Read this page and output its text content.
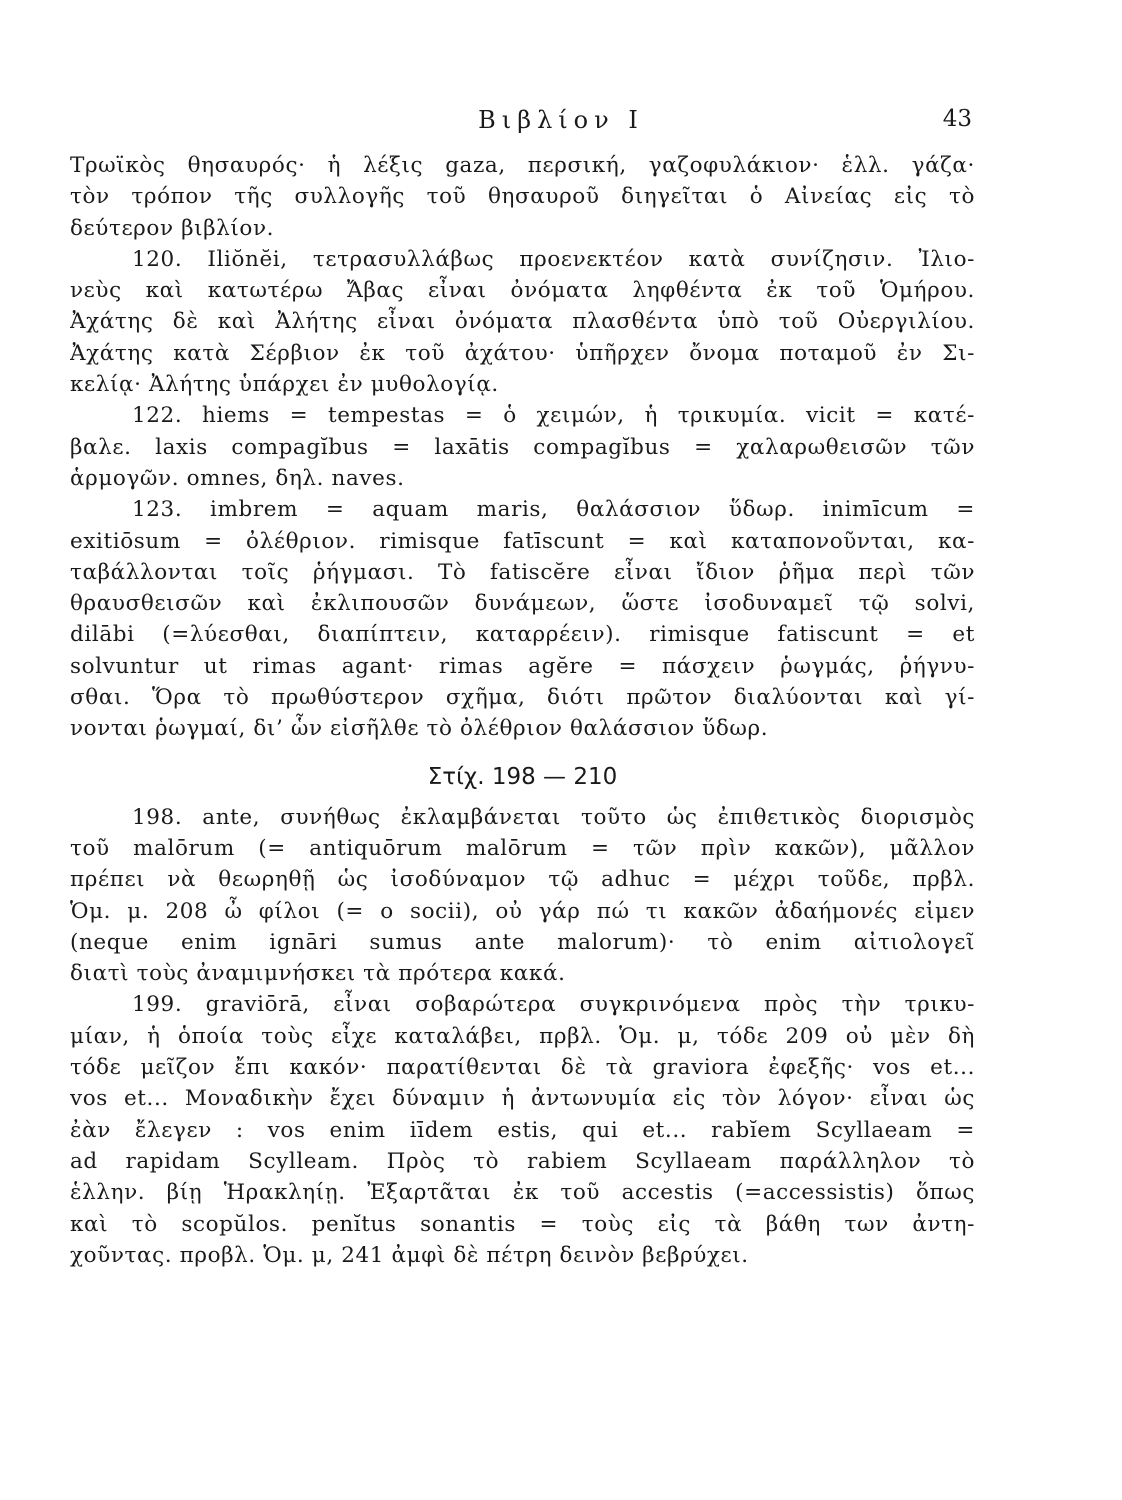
Βιβλίον Ι	43
Τρωϊκὸς θησαυρός· ἡ λέξις gaza, περσική, γαζοφυλάκιον· ἑλλ. γάζα·
τὸν τρόπον τῆς συλλογῆς τοῦ θησαυροῦ διηγεῖται ὁ Αἰνείας εἰς τὸ
δεύτερον βιβλίον.
120. Iliŏnĕi, τετρασυλλάβως προενεκτέον κατὰ συνίζησιν. Ἰλιο-
νεὺς καὶ κατωτέρω Ἄβας εἶναι ὀνόματα ληφθέντα ἐκ τοῦ Ὁμήρου.
Ἀχάτης δὲ καὶ Ἀλήτης εἶναι ὀνόματα πλασθέντα ὑπὸ τοῦ Οὐεργιλίου.
Ἀχάτης κατὰ Σέρβιον ἐκ τοῦ ἀχάτου· ὑπῆρχεν ὄνομα ποταμοῦ ἐν Σι-
κελίᾳ· Ἀλήτης ὑπάρχει ἐν μυθολογίᾳ.
122. hiems = tempestas = ὁ χειμών, ἡ τρικυμία. vicit = κατέ-
βαλε. laxis compagĭbus = laxātis compagĭbus = χαλαρωθεισῶν τῶν
ἁρμογῶν. omnes, δηλ. naves.
123. imbrem = aquam maris, θαλάσσιον ὕδωρ. inimīcum =
exitiōsum = ὀλέθριον. rimisque fatīscunt = καὶ καταπονοῦνται, κα-
ταβάλλονται τοῖς ῥήγμασι. Τὸ fatiscĕre εἶναι ἴδιον ῥῆμα περὶ τῶν
θραυσθεισῶν καὶ ἐκλιπουσῶν δυνάμεων, ὥστε ἰσοδυναμεῖ τῷ solvi,
dilābi (=λύεσθαι, διαπίπτειν, καταρρέειν). rimisque fatiscunt = et
solvuntur ut rimas agant· rimas agĕre = πάσχειν ῥωγμάς, ῥήγνυ-
σθαι. Ὅρα τὸ πρωθύστερον σχῆμα, διότι πρῶτον διαλύονται καὶ γί-
νονται ῥωγμαί, δι’ ὧν εἰσῆλθε τὸ ὀλέθριον θαλάσσιον ὕδωρ.
Στίχ. 198 — 210
198. ante, συνήθως ἐκλαμβάνεται τοῦτο ὡς ἐπιθετικὸς διορισμὸς
τοῦ malōrum (= antiquōrum malōrum = τῶν πρὶν κακῶν), μᾶλλον
πρέπει νὰ θεωρηθῇ ὡς ἰσοδύναμον τῷ adhuc = μέχρι τοῦδε, πρβλ.
Ὁμ. μ. 208 ὦ φίλοι (= o socii), οὐ γάρ πώ τι κακῶν ἀδαήμονές εἰμεν
(neque enim ignāri sumus ante malorum)· τὸ enim αἰτιολογεῖ
διατὶ τοὺς ἀναμιμνήσκει τὰ πρότερα κακά.
199. graviōrā, εἶναι σοβαρώτερα συγκρινόμενα πρὸς τὴν τρικυ-
μίαν, ἡ ὁποία τοὺς εἶχε καταλάβει, πρβλ. Ὁμ. μ, τόδε 209 οὐ μὲν δὴ
τόδε μεῖζον ἔπι κακόν· παρατίθενται δὲ τὰ graviora ἐφεξῆς· vos et...
vos et... Μοναδικὴν ἔχει δύναμιν ἡ ἀντωνυμία εἰς τὸν λόγον· εἶναι ὡς
ἐὰν ἔλεγεν : vos enim iīdem estis, qui et... rabĭem Scyllaeam =
ad rapidam Scylleam. Πρὸς τὸ rabiem Scyllaeam παράλληλον τὸ
ἑλλην. βίῃ Ἡρακληίῃ. Ἐξαρτᾶται ἐκ τοῦ accestis (=accessistis) ὅπως
καὶ τὸ scopŭlos. penĭtus sonantis = τοὺς εἰς τὰ βάθη των ἀντη-
χοῦντας. προβλ. Ὁμ. μ, 241 ἀμφὶ δὲ πέτρη δεινὸν βεβρύχει.
